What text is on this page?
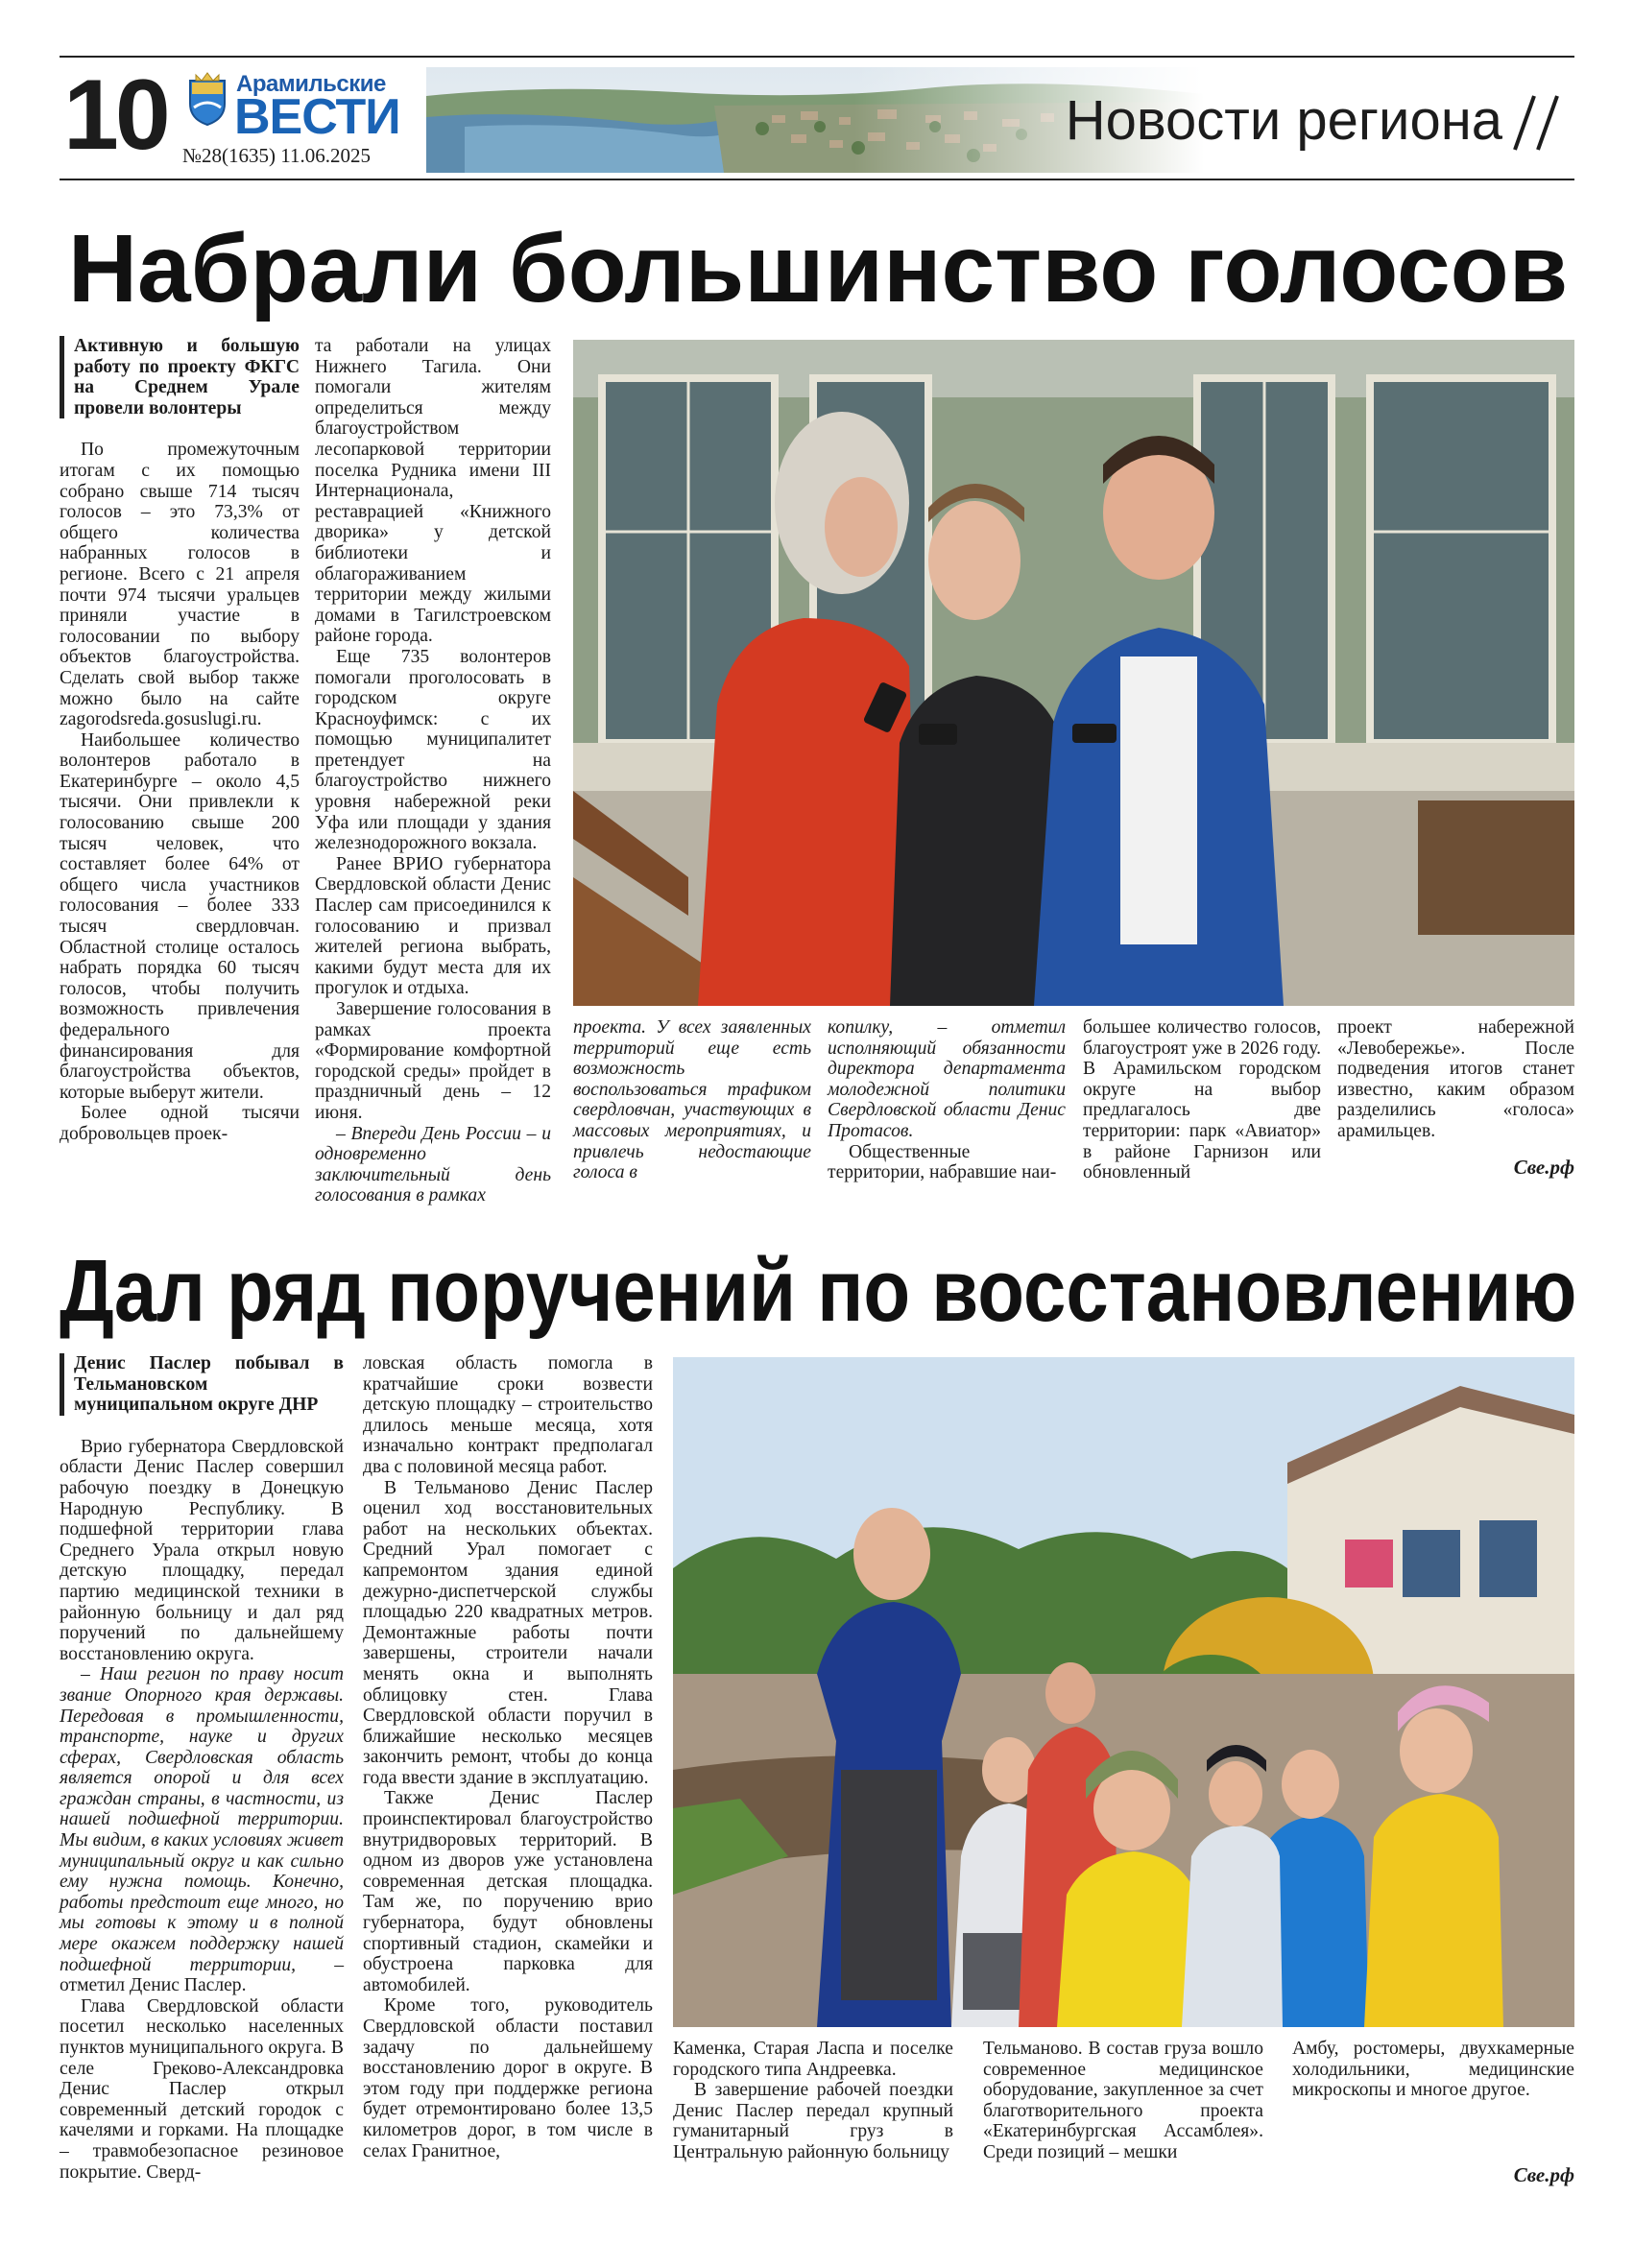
10	Арамильские
ВЕСТИ
№28(1635) 11.06.2025
Новости региона
Набрали большинство голосов

Активную и большую работу по проекту ФКГС на Среднем Урале провели волонтеры

По промежуточным итогам с их помощью собрано свыше 714 тысяч голосов – это 73,3% от общего количества набранных голосов в регионе. Всего с 21 апреля почти 974 тысячи уральцев приняли участие в голосовании по выбору объектов благоустройства. Сделать свой выбор также можно было на сайте zagorodsreda.gosuslugi.ru.

Наибольшее количество волонтеров работало в Екатеринбурге – около 4,5 тысячи. Они привлекли к голосованию свыше 200 тысяч человек, что составляет более 64% от общего числа участников голосования – более 333 тысяч свердловчан. Областной столице осталось набрать порядка 60 тысяч голосов, чтобы получить возможность привлечения федерального финансирования для благоустройства объектов, которые выберут жители.

Более одной тысячи добровольцев проек-

та работали на улицах Нижнего Тагила. Они помогали жителям определиться между благоустройством лесопарковой территории поселка Рудника имени III Интернационала, реставрацией «Книжного дворика» у детской библиотеки и облагораживанием территории между жилыми домами в Тагилстроевском районе города.

Еще 735 волонтеров помогали проголосовать в городском округе Красноуфимск: с их помощью муниципалитет претендует на благоустройство нижнего уровня набережной реки Уфа или площади у здания железнодорожного вокзала.

Ранее ВРИО губернатора Свердловской области Денис Паслер сам присоединился к голосованию и призвал жителей региона выбрать, какими будут места для их прогулок и отдыха.

Завершение голосования в рамках проекта «Формирование комфортной городской среды» пройдет в праздничный день – 12 июня.

– Впереди День России – и одновременно заключительный день голосования в рамках

проекта. У всех заявленных территорий еще есть возможность воспользоваться трафиком свердловчан, участвующих в массовых мероприятиях, и привлечь недостающие голоса в

копилку, – отметил исполняющий обязанности директора департамента молодежной политики Свердловской области Денис Протасов.

Общественные территории, набравшие наи-

большее количество голосов, благоустроят уже в 2026 году. В Арамильском городском округе на выбор предлагалось две территории: парк «Авиатор» в районе Гарнизон или обновленный

проект набережной «Левобережье». После подведения итогов станет известно, каким образом разделились «голоса» арамильцев.

Све.рф
Дал ряд поручений по восстановлению

Денис Паслер побывал в Тельмановском муниципальном округе ДНР

Врио губернатора Свердловской области Денис Паслер совершил рабочую поездку в Донецкую Народную Республику. В подшефной территории глава Среднего Урала открыл новую детскую площадку, передал партию медицинской техники в районную больницу и дал ряд поручений по дальнейшему восстановлению округа.

– Наш регион по праву носит звание Опорного края державы. Передовая в промышленности, транспорте, науке и других сферах, Свердловская область является опорой и для всех граждан страны, в частности, из нашей подшефной территории. Мы видим, в каких условиях живет муниципальный округ и как сильно ему нужна помощь. Конечно, работы предстоит еще много, но мы готовы к этому и в полной мере окажем поддержку нашей подшефной территории, – отметил Денис Паслер.

Глава Свердловской области посетил несколько населенных пунктов муниципального округа. В селе Греково-Александровка Денис Паслер открыл современный детский городок с качелями и горками. На площадке – травмобезопасное резиновое покрытие. Сверд-

ловская область помогла в кратчайшие сроки возвести детскую площадку – строительство длилось меньше месяца, хотя изначально контракт предполагал два с половиной месяца работ.

В Тельманово Денис Паслер оценил ход восстановительных работ на нескольких объектах. Средний Урал помогает с капремонтом здания единой дежурно-диспетчерской службы площадью 220 квадратных метров. Демонтажные работы почти завершены, строители начали менять окна и выполнять облицовку стен. Глава Свердловской области поручил в ближайшие несколько месяцев закончить ремонт, чтобы до конца года ввести здание в эксплуатацию.

Также Денис Паслер проинспектировал благоустройство внутридворовых территорий. В одном из дворов уже установлена современная детская площадка. Там же, по поручению врио губернатора, будут обновлены спортивный стадион, скамейки и обустроена парковка для автомобилей.

Кроме того, руководитель Свердловской области поставил задачу по дальнейшему восстановлению дорог в округе. В этом году при поддержке региона будет отремонтировано более 13,5 километров дорог, в том числе в селах Гранитное,

Каменка, Старая Ласпа и поселке городского типа Андреевка.

В завершение рабочей поездки Денис Паслер передал крупный гуманитарный груз в Центральную районную больницу

Тельманово. В состав груза вошло современное медицинское оборудование, закупленное за счет благотворительного проекта «Екатеринбургская Ассамблея». Среди позиций – мешки

Амбу, ростомеры, двухкамерные холодильники, медицинские микроскопы и многое другое.

Све.рф
